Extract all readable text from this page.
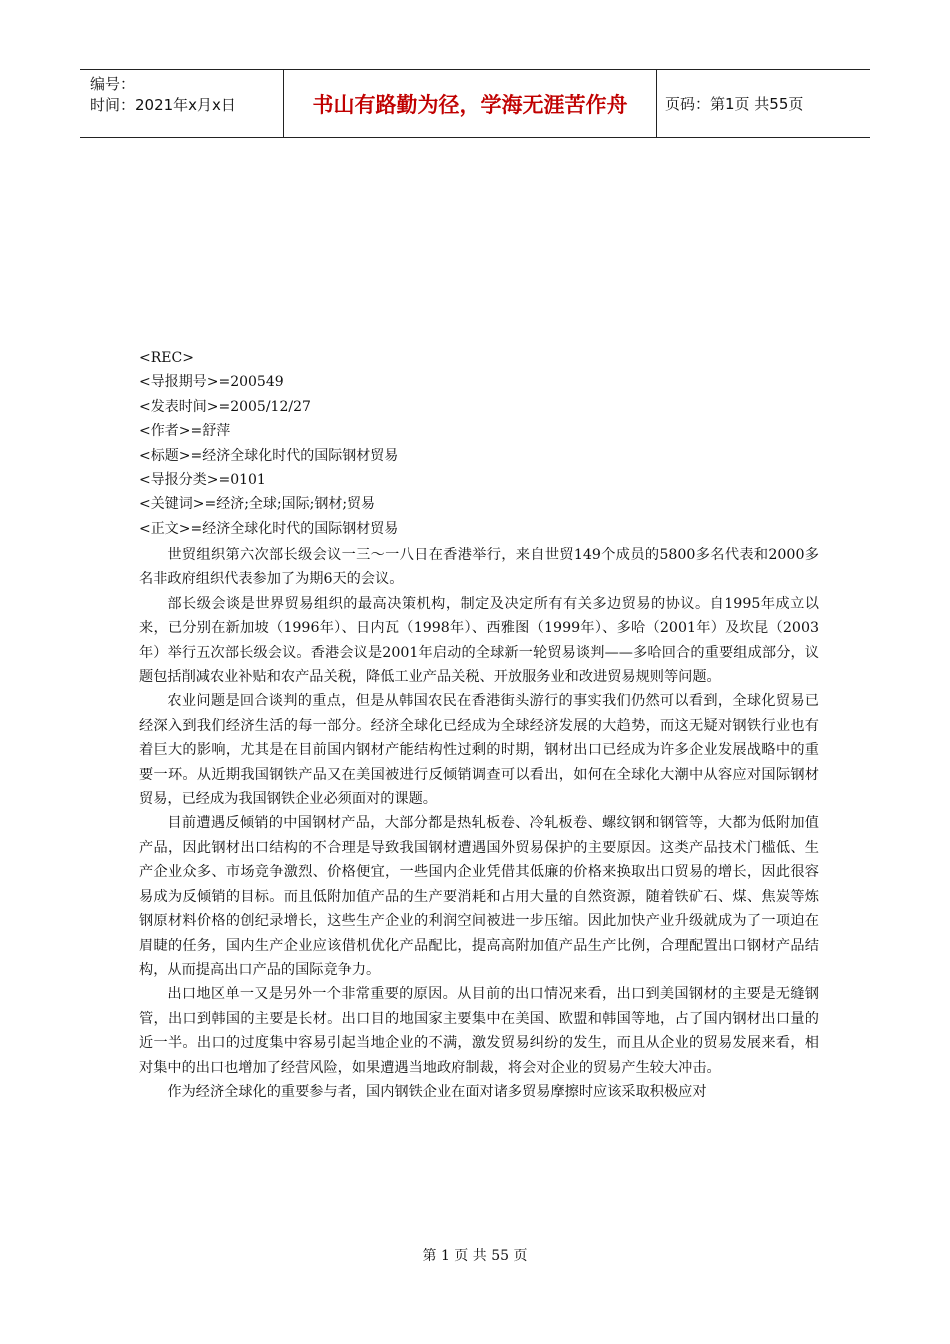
编号：
时间：2021年x月x日	书山有路勤为径，学海无涯苦作舟	页码：第1页 共55页
<REC>
<导报期号>=200549
<发表时间>=2005/12/27
<作者>=舒萍
<标题>=经济全球化时代的国际钢材贸易
<导报分类>=0101
<关键词>=经济;全球;国际;钢材;贸易
<正文>=经济全球化时代的国际钢材贸易

世贸组织第六次部长级会议一三～一八日在香港举行，来自世贸149个成员的5800多名代表和2000多名非政府组织代表参加了为期6天的会议。

部长级会谈是世界贸易组织的最高决策机构，制定及决定所有有关多边贸易的协议。自1995年成立以来，已分别在新加坡（1996年）、日内瓦（1998年）、西雅图（1999年）、多哈（2001年）及坎昆（2003年）举行五次部长级会议。香港会议是2001年启动的全球新一轮贸易谈判——多哈回合的重要组成部分，议题包括削减农业补贴和农产品关税，降低工业产品关税、开放服务业和改进贸易规则等问题。

农业问题是回合谈判的重点，但是从韩国农民在香港街头游行的事实我们仍然可以看到，全球化贸易已经深入到我们经济生活的每一部分。经济全球化已经成为全球经济发展的大趋势，而这无疑对钢铁行业也有着巨大的影响，尤其是在目前国内钢材产能结构性过剩的时期，钢材出口已经成为许多企业发展战略中的重要一环。从近期我国钢铁产品又在美国被进行反倾销调查可以看出，如何在全球化大潮中从容应对国际钢材贸易，已经成为我国钢铁企业必须面对的课题。

目前遭遇反倾销的中国钢材产品，大部分都是热轧板卷、冷轧板卷、螺纹钢和钢管等，大都为低附加值产品，因此钢材出口结构的不合理是导致我国钢材遭遇国外贸易保护的主要原因。这类产品技术门槛低、生产企业众多、市场竞争激烈、价格便宜，一些国内企业凭借其低廉的价格来换取出口贸易的增长，因此很容易成为反倾销的目标。而且低附加值产品的生产要消耗和占用大量的自然资源，随着铁矿石、煤、焦炭等炼钢原材料价格的创纪录增长，这些生产企业的利润空间被进一步压缩。因此加快产业升级就成为了一项迫在眉睫的任务，国内生产企业应该借机优化产品配比，提高高附加值产品生产比例，合理配置出口钢材产品结构，从而提高出口产品的国际竞争力。

出口地区单一又是另外一个非常重要的原因。从目前的出口情况来看，出口到美国钢材的主要是无缝钢管，出口到韩国的主要是长材。出口目的地国家主要集中在美国、欧盟和韩国等地，占了国内钢材出口量的近一半。出口的过度集中容易引起当地企业的不满，激发贸易纠纷的发生，而且从企业的贸易发展来看，相对集中的出口也增加了经营风险，如果遭遇当地政府制裁，将会对企业的贸易产生较大冲击。

作为经济全球化的重要参与者，国内钢铁企业在面对诸多贸易摩擦时应该采取积极应对

第 1 页 共 55 页
